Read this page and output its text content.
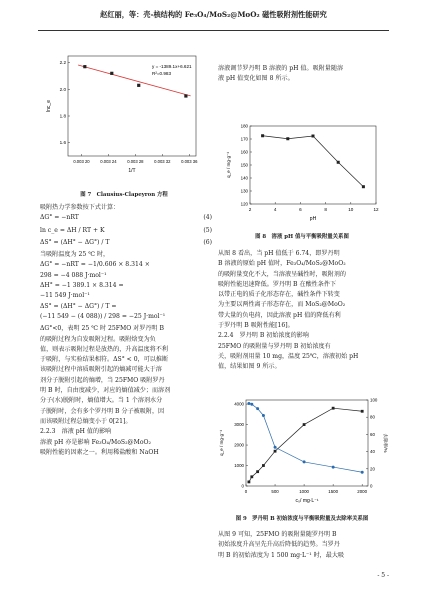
赵红丽，等：壳-核结构的 Fe₃O₄/MoS₂@MoO₂ 磁性吸附剂性能研究
0.003 20	0.003 24	0.003 28	0.003 32	0.003 36
2.2
2.0
1.8
1.6
y = -1389.1x+6.621
R²=0.983
1/T
lnc_e
图 7　Clausius-Clapeyron 方程
2	4	6	8	10	12
120
130
140
150
160
170
180
pH
q_e / mg·g⁻¹
图 8　溶液 pH 值与平衡吸附量关系图
0	500	1000	1500	2000
0
1000
2000
3000
4000
0
20
40
60
80
100
c₀/ mg·L⁻¹
q_e / mg·g⁻¹	去除率/%
图 9　罗丹明 B 初始浓度与平衡吸附量及去除率关系图

吸附热力学参数按下式计算：

ΔG° = −nRT	(4)
ln c_e = ΔH / RT + K	(5)
ΔS° = (ΔH° − ΔG°) / T	(6)

当吸附温度为 25 ℃ 时，

ΔG° = −nRT = −1/0.606 × 8.314 ×

298 = −4 088 J·mol⁻¹

ΔH° = −1 389.1 × 8.314 =

−11 549 J·mol⁻¹

ΔS° = (ΔH° − ΔG°) / T =

(−11 549 − (4 088)) / 298 = −25 J·mol⁻¹

ΔG°<0，表明 25 ℃ 时 25FMO 对罗丹明 B

的吸附过程为自发吸附过程。吸附焓变为负

值，则表示吸附过程是放热的，升高温度将不利

于吸附，与实验结果相符。ΔS° < 0，可以推断

该吸附过程中溶质吸附引起的熵减可能大于溶

剂分子脱附引起的熵增，当 25FMO 吸附罗丹

明 B 时，自由度减少，对应的熵值减少；而溶剂

分子(水)脱附时，熵值增大。当 1 个溶剂水分

子脱附时，会有多个罗丹明 B 分子被吸附，因

而该吸附过程总熵变小于 0[21]。

2.2.3　溶液 pH 值的影响

溶液 pH 亦是影响 Fe₃O₄/MoS₂@MoO₂

吸附性能的因素之一。利用稀盐酸和 NaOH

溶液调节罗丹明 B 溶液的 pH 值。吸附量随溶

液 pH 值变化如图 8 所示。

从图 8 看出，当 pH 值低于 6.74，即罗丹明

B 溶液的原始 pH 值时，Fe₃O₄/MoS₂@MoO₂

的吸附量变化不大，当溶液呈碱性时，吸附剂的

吸附性能迅速降低。罗丹明 B 在酸性条件下

以带正电的质子化形态存在，碱性条件下转变

为主要以两性离子形态存在，而 MoS₂@MoO₂

带大量的负电荷，因此溶液 pH 值的降低有利

于罗丹明 B 吸附性能[16]。

2.2.4　罗丹明 B 初始浓度的影响

25FMO 的吸附量与罗丹明 B 初始浓度有

关，吸附剂用量 10 mg，温度 25℃，溶液初始 pH

值，结果如图 9 所示。

从图 9 可知，25FMO 的吸附量随罗丹明 B

初始浓度升高呈先升高后降低的趋势。当罗丹

明 B 的初始浓度为 1 500 mg·L⁻¹ 时，最大吸

- 5 -
